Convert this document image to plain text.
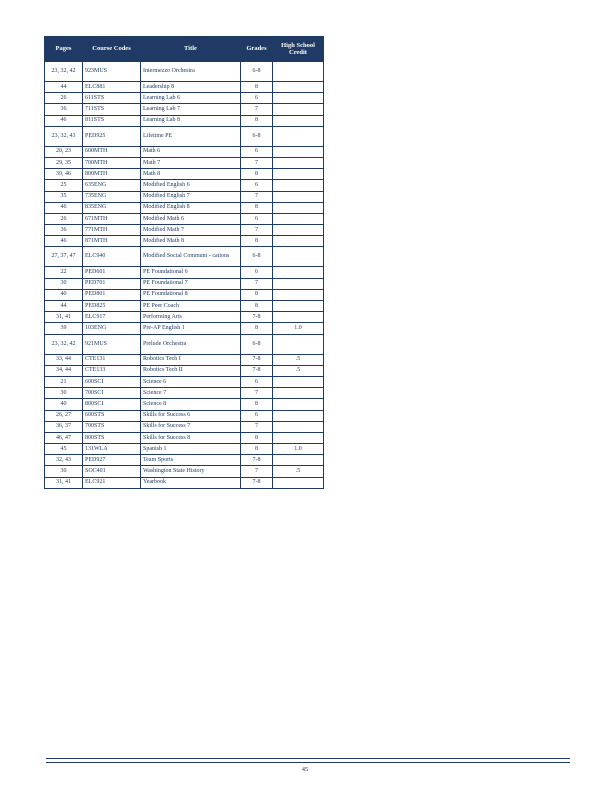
Pages	Course Codes	Title	Grades	High School Credit
23, 32, 42	923MUS	Intermezzo Orchestra	6-8	
44	ELC881	Leadership 8	8	
26	611STS	Learning Lab 6	6	
36	711STS	Learning Lab 7	7	
46	811STS	Learning Lab 8	8	
23, 32, 43	PED925	Lifetime PE	6-8	
20, 23	600MTH	Math 6	6	
29, 35	700MTH	Math 7	7	
39, 46	800MTH	Math 8	8	
25	635ENG	Modified English 6	6	
35	735ENG	Modified English 7	7	
46	835ENG	Modified English 8	8	
26	671MTH	Modified Math 6	6	
36	771MTH	Modified Math 7	7	
46	871MTH	Modified Math 8	8	
27, 37, 47	ELC940	Modified Social Communi - cations	6-8	
22	PED601	PE Foundational 6	6	
30	PED701	PE Foundational 7	7	
40	PED801	PE Foundational 8	8	
44	PED825	PE Peer Coach	8	
31, 41	ELC917	Performing Arts	7-8	
39	103ENG	Pre-AP English 1	8	1.0
23, 32, 42	921MUS	Prelude Orchestra	6-8	
33, 44	CTE131	Robotics Tech I	7-8	.5
34, 44	CTE133	Robotics Tech II	7-8	.5
21	600SCI	Science 6	6	
30	700SCI	Science 7	7	
40	800SCI	Science 8	8	
26, 27	600STS	Skills for Success 6	6	
36, 37	700STS	Skills for Success 7	7	
46, 47	800STS	Skills for Success 8	8	
45	131WLA	Spanish 1	8	1.0
32, 43	PED927	Team Sports	7-8	
30	SOC401	Washington State History	7	.5
31, 41	ELC921	Yearbook	7-8	
45
